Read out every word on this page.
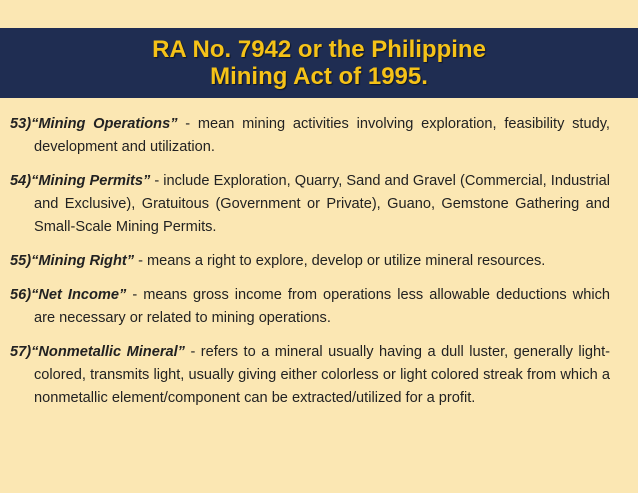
RA No. 7942 or the Philippine
Mining Act of 1995.

53)“Mining Operations” - mean mining activities involving exploration, feasibility study, development and utilization.

54)“Mining Permits” - include Exploration, Quarry, Sand and Gravel (Commercial, Industrial and Exclusive), Gratuitous (Government or Private), Guano, Gemstone Gathering and Small-Scale Mining Permits.

55)“Mining Right” - means a right to explore, develop or utilize mineral resources.

56)“Net Income” - means gross income from operations less allowable deductions which are necessary or related to mining operations.

57)“Nonmetallic Mineral” - refers to a mineral usually having a dull luster, generally light-colored, transmits light, usually giving either colorless or light colored streak from which a nonmetallic element/component can be extracted/utilized for a profit.
